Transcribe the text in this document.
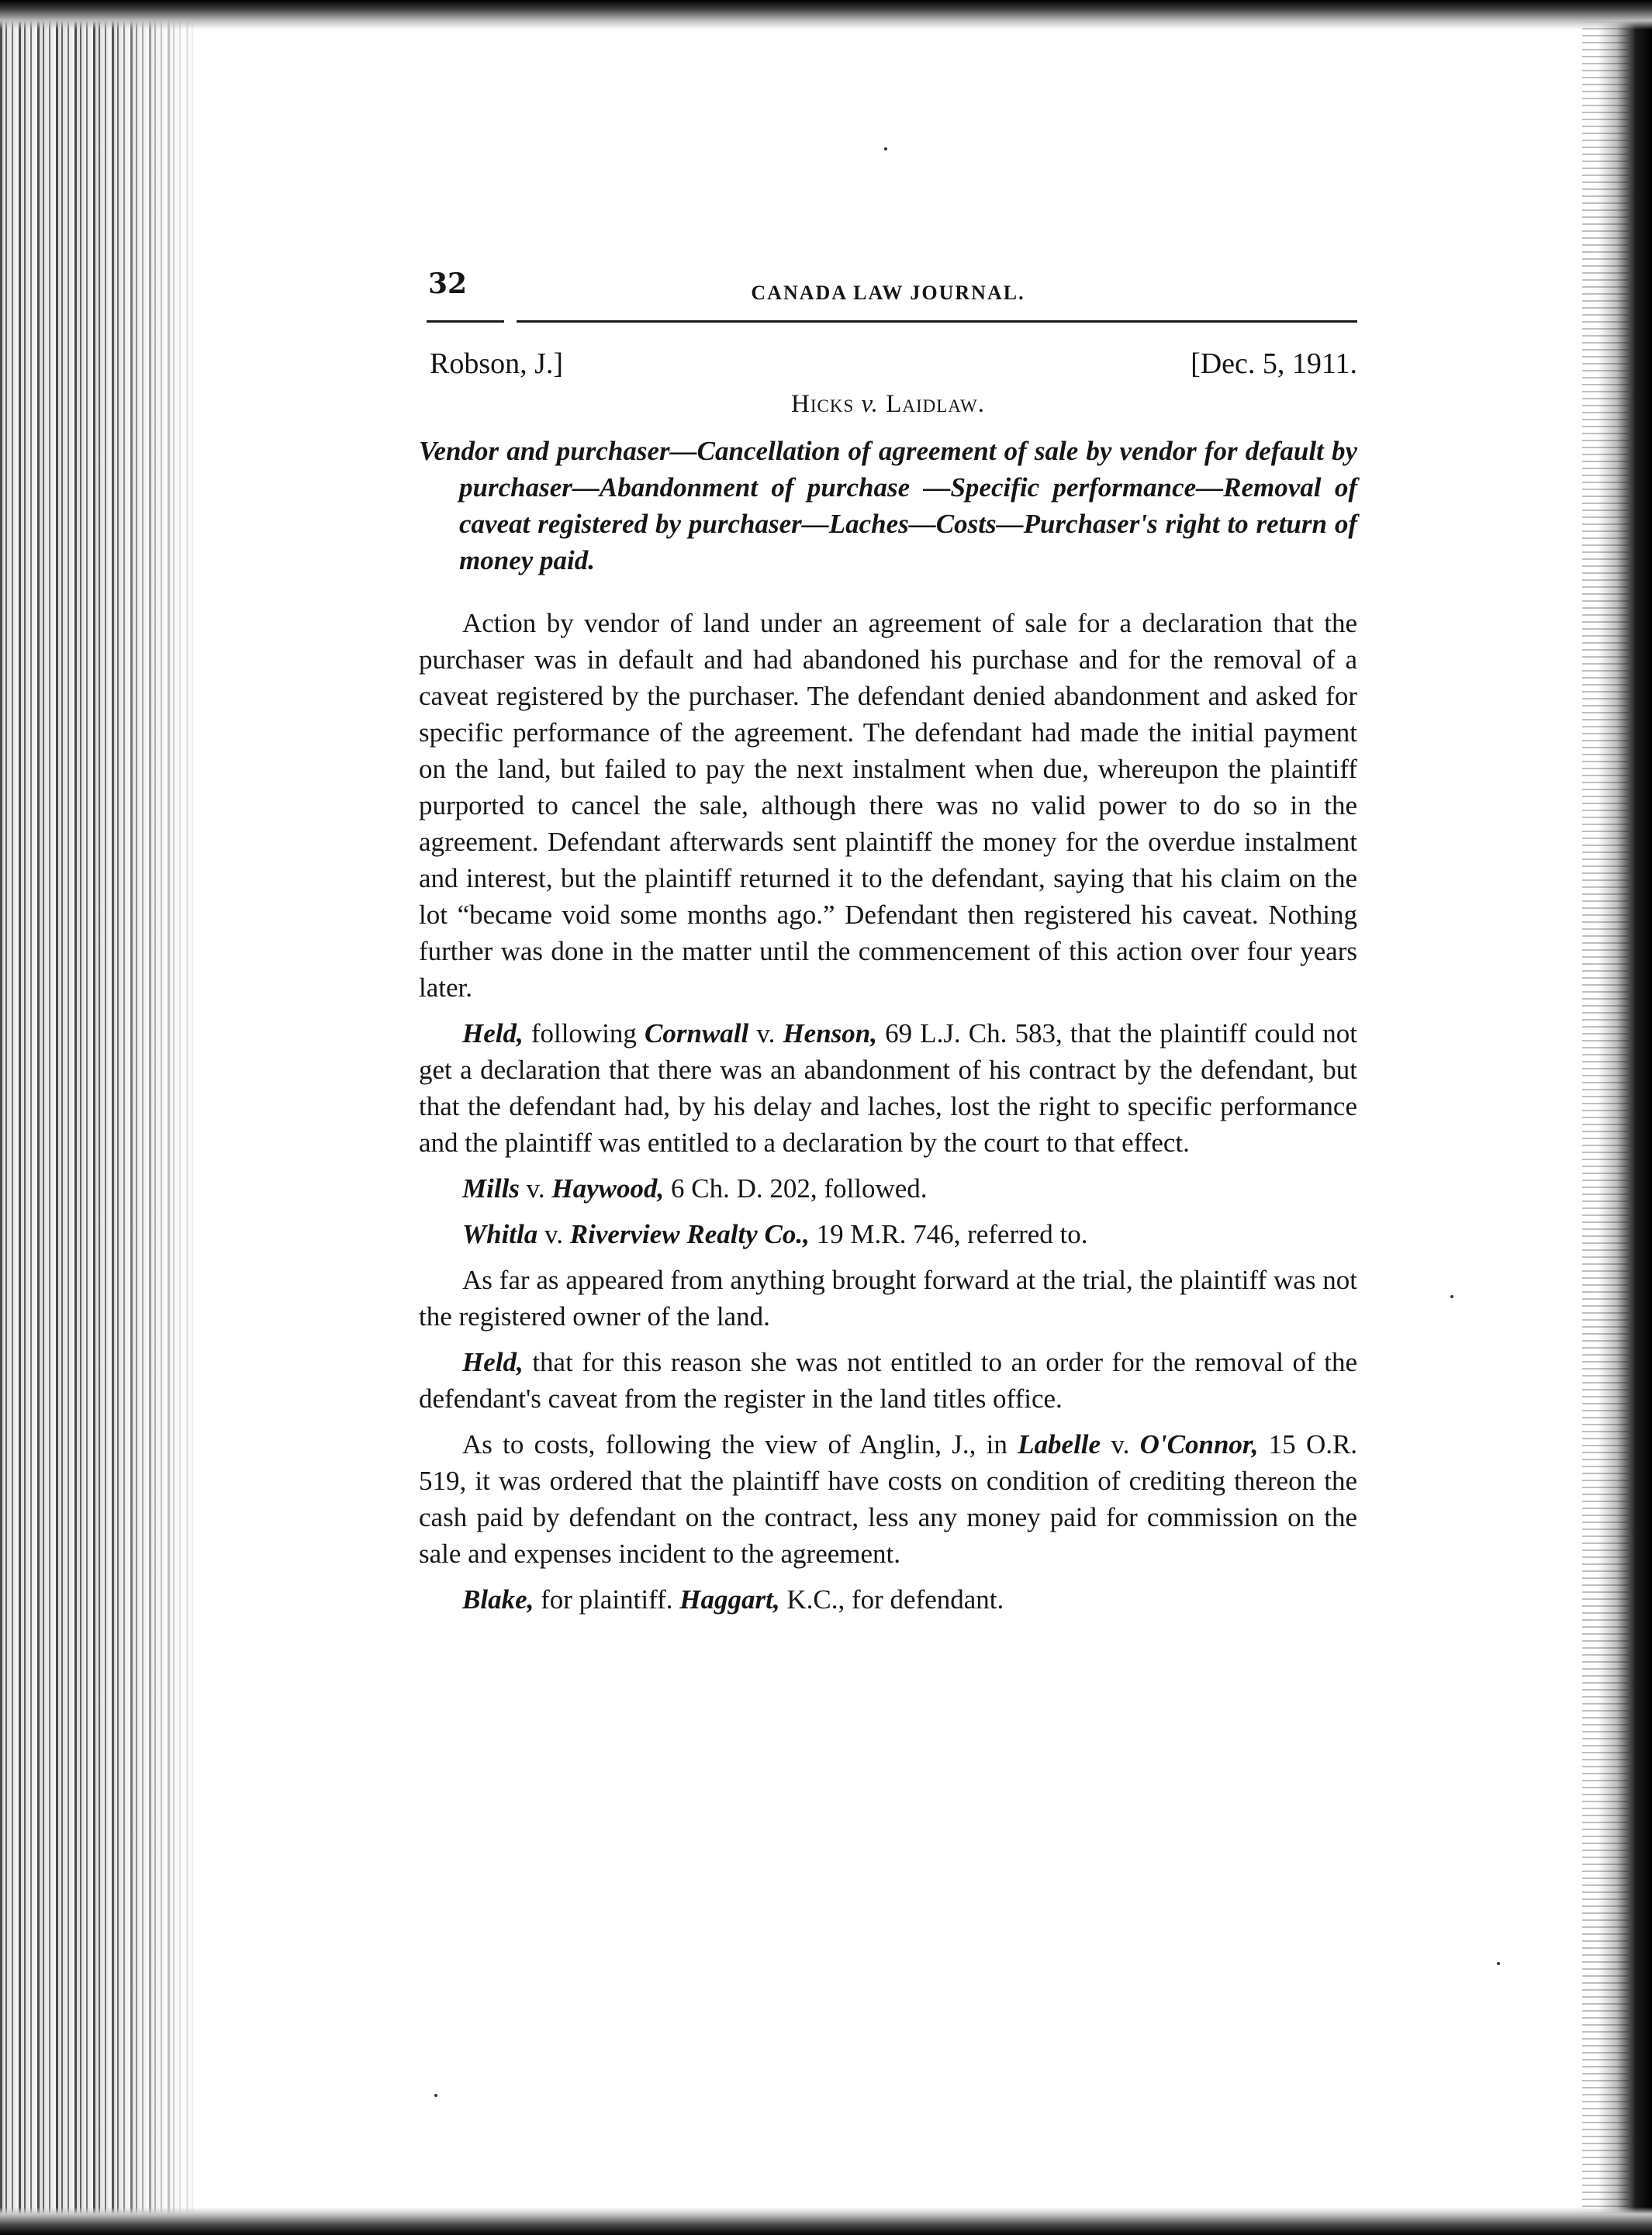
32	CANADA LAW JOURNAL.
Robson, J.]	[Dec. 5, 1911.
Hicks v. Laidlaw.
Vendor and purchaser—Cancellation of agreement of sale by vendor for default by purchaser—Abandonment of purchase —Specific performance—Removal of caveat registered by purchaser—Laches—Costs—Purchaser's right to return of money paid.

Action by vendor of land under an agreement of sale for a declaration that the purchaser was in default and had abandoned his purchase and for the removal of a caveat registered by the purchaser. The defendant denied abandonment and asked for specific performance of the agreement. The defendant had made the initial payment on the land, but failed to pay the next instalment when due, whereupon the plaintiff purported to cancel the sale, although there was no valid power to do so in the agreement. Defendant afterwards sent plaintiff the money for the overdue instalment and interest, but the plaintiff returned it to the defendant, saying that his claim on the lot “became void some months ago.” Defendant then registered his caveat. Nothing further was done in the matter until the commencement of this action over four years later.

Held, following Cornwall v. Henson, 69 L.J. Ch. 583, that the plaintiff could not get a declaration that there was an abandonment of his contract by the defendant, but that the defendant had, by his delay and laches, lost the right to specific performance and the plaintiff was entitled to a declaration by the court to that effect.

Mills v. Haywood, 6 Ch. D. 202, followed.

Whitla v. Riverview Realty Co., 19 M.R. 746, referred to.

As far as appeared from anything brought forward at the trial, the plaintiff was not the registered owner of the land.

Held, that for this reason she was not entitled to an order for the removal of the defendant's caveat from the register in the land titles office.

As to costs, following the view of Anglin, J., in Labelle v. O'Connor, 15 O.R. 519, it was ordered that the plaintiff have costs on condition of crediting thereon the cash paid by defendant on the contract, less any money paid for commission on the sale and expenses incident to the agreement.

Blake, for plaintiff. Haggart, K.C., for defendant.
